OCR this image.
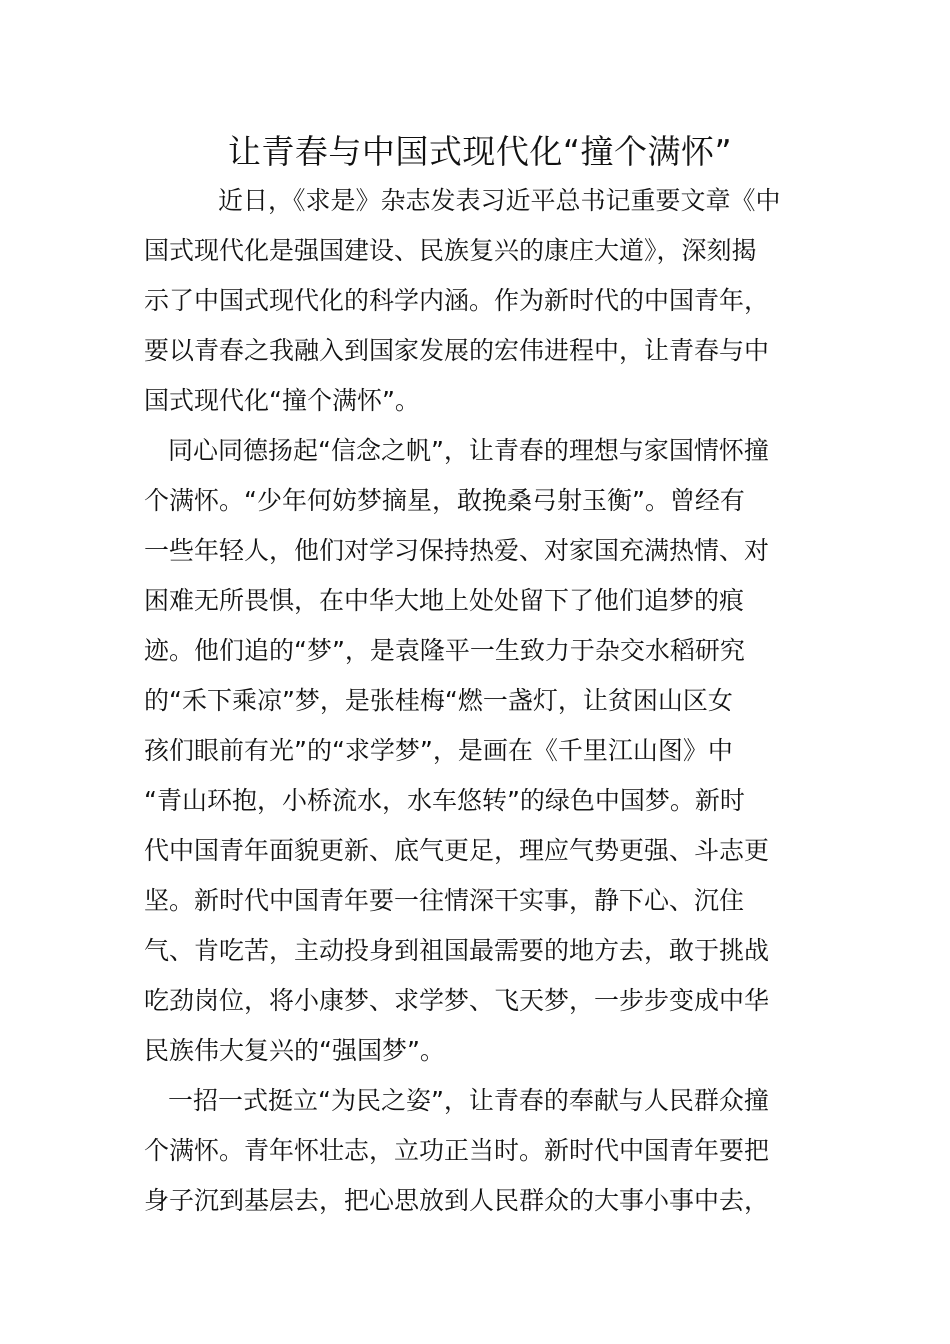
让青春与中国式现代化“撞个满怀”
近日，《求是》杂志发表习近平总书记重要文章《中
国式现代化是强国建设、民族复兴的康庄大道》，深刻揭
示了中国式现代化的科学内涵。作为新时代的中国青年，
要以青春之我融入到国家发展的宏伟进程中，让青春与中
国式现代化“撞个满怀”。
同心同德扬起“信念之帆”，让青春的理想与家国情怀撞
个满怀。“少年何妨梦摘星，敢挽桑弓射玉衡”。曾经有
一些年轻人，他们对学习保持热爱、对家国充满热情、对
困难无所畏惧，在中华大地上处处留下了他们追梦的痕
迹。他们追的“梦”，是袁隆平一生致力于杂交水稻研究
的“禾下乘凉”梦，是张桂梅“燃一盏灯，让贫困山区女
孩们眼前有光”的“求学梦”，是画在《千里江山图》中
“青山环抱，小桥流水，水车悠转”的绿色中国梦。新时
代中国青年面貌更新、底气更足，理应气势更强、斗志更
坚。新时代中国青年要一往情深干实事，静下心、沉住
气、肯吃苦，主动投身到祖国最需要的地方去，敢于挑战
吃劲岗位，将小康梦、求学梦、飞天梦，一步步变成中华
民族伟大复兴的“强国梦”。
一招一式挺立“为民之姿”，让青春的奉献与人民群众撞
个满怀。青年怀壮志，立功正当时。新时代中国青年要把
身子沉到基层去，把心思放到人民群众的大事小事中去，
